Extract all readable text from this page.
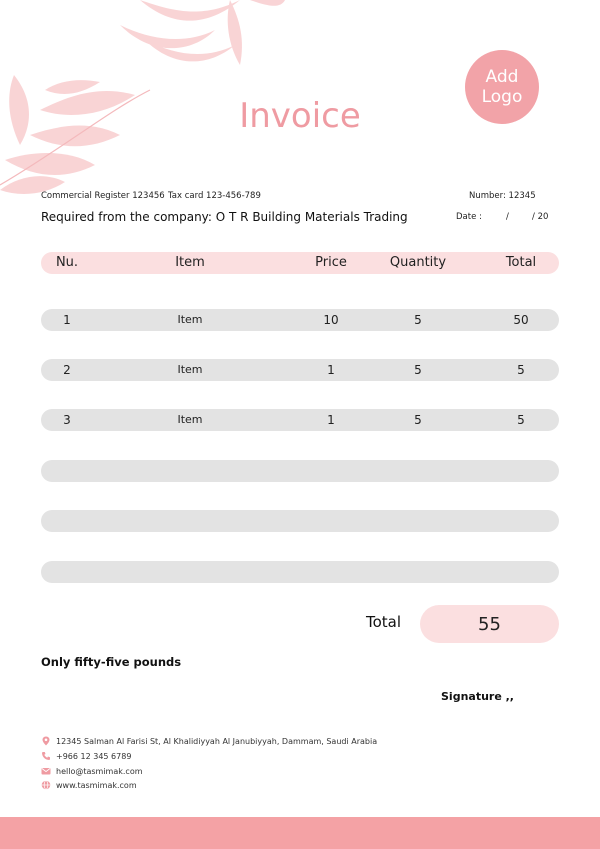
Add
Logo
Invoice
Commercial Register 123456 Tax card 123-456-789	Number: 12345
Required from the company: O T R Building Materials Trading	Date :	/	/ 20
Nu.	Item	Price	Quantity	Total
1	Item	10	5	50
2	Item	1	5	5
3	Item	1	5	5
Total	55
Only fifty-five pounds
Signature ,,
12345 Salman Al Farisi St, Al Khalidiyyah Al Janubiyyah, Dammam, Saudi Arabia
+966 12 345 6789
hello@tasmimak.com
www.tasmimak.com
